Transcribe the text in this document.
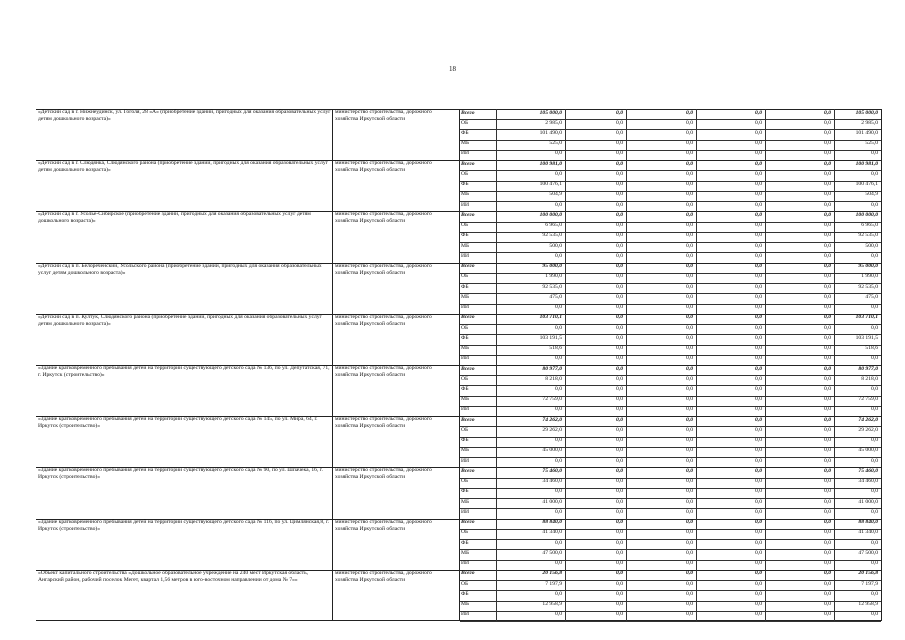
18
«Детский сад в г. Нижнеудинск, ул. Гоголя, 28 «А» (приобретение зданий, пригодных для оказания образовательных услуг детям дошкольного возраста)»
министерство строительства, дорожного хозяйства Иркутской области
Всего	105 000,0	0,0	0,0	0,0	0,0	105 000,0
ОБ	2 985,0	0,0	0,0	0,0	0,0	2 985,0
ФБ	101 490,0	0,0	0,0	0,0	0,0	101 490,0
МБ	525,0	0,0	0,0	0,0	0,0	525,0
ИИ	0,0	0,0	0,0	0,0	0,0	0,0
«Детский сад в г. Слюдянка, Слюдянского района (приобретение зданий, пригодных для оказания образовательных услуг детям дошкольного возраста)»
министерство строительства, дорожного хозяйства Иркутской области
Всего	100 981,0	0,0	0,0	0,0	0,0	100 981,0
ОБ	0,0	0,0	0,0	0,0	0,0	0,0
ФБ	100 476,1	0,0	0,0	0,0	0,0	100 476,1
МБ	504,9	0,0	0,0	0,0	0,0	504,9
ИИ	0,0	0,0	0,0	0,0	0,0	0,0
«Детский сад в г. Усолье-Сибирское (приобретение зданий, пригодных для оказания образовательных услуг детям дошкольного возраста)»
министерство строительства, дорожного хозяйства Иркутской области
Всего	100 000,0	0,0	0,0	0,0	0,0	100 000,0
ОБ	6 965,0	0,0	0,0	0,0	0,0	6 965,0
ФБ	92 535,0	0,0	0,0	0,0	0,0	92 535,0
МБ	500,0	0,0	0,0	0,0	0,0	500,0
ИИ	0,0	0,0	0,0	0,0	0,0	0,0
«Детский сад в п. Белореченский, Усольского района (приобретение зданий, пригодных для оказания образовательных услуг детям дошкольного возраста)»
министерство строительства, дорожного хозяйства Иркутской области
Всего	95 000,0	0,0	0,0	0,0	0,0	95 000,0
ОБ	1 990,0	0,0	0,0	0,0	0,0	1 990,0
ФБ	92 535,0	0,0	0,0	0,0	0,0	92 535,0
МБ	475,0	0,0	0,0	0,0	0,0	475,0
ИИ	0,0	0,0	0,0	0,0	0,0	0,0
«Детский сад в п. Култук, Слюдянского района (приобретение зданий, пригодных для оказания образовательных услуг детям дошкольного возраста)»
министерство строительства, дорожного хозяйства Иркутской области
Всего	103 710,1	0,0	0,0	0,0	0,0	103 710,1
ОБ	0,0	0,0	0,0	0,0	0,0	0,0
ФБ	103 191,5	0,0	0,0	0,0	0,0	103 191,5
МБ	518,6	0,0	0,0	0,0	0,0	518,6
ИИ	0,0	0,0	0,0	0,0	0,0	0,0
«Здание кратковременного пребывания детей на территории существующего детского сада № 136, по ул. Депутатская, 71, г. Иркутск (строительство)»
министерство строительства, дорожного хозяйства Иркутской области
Всего	80 977,0	0,0	0,0	0,0	0,0	80 977,0
ОБ	8 218,0	0,0	0,0	0,0	0,0	8 218,0
ФБ	0,0	0,0	0,0	0,0	0,0	0,0
МБ	72 759,0	0,0	0,0	0,0	0,0	72 759,0
ИИ	0,0	0,0	0,0	0,0	0,0	0,0
«Здание кратковременного пребывания детей на территории существующего детского сада № 145, по ул. Мира, 64, г. Иркутск (строительство)»
министерство строительства, дорожного хозяйства Иркутской области
Всего	74 262,0	0,0	0,0	0,0	0,0	74 262,0
ОБ	29 262,0	0,0	0,0	0,0	0,0	29 262,0
ФБ	0,0	0,0	0,0	0,0	0,0	0,0
МБ	45 000,0	0,0	0,0	0,0	0,0	45 000,0
ИИ	0,0	0,0	0,0	0,0	0,0	0,0
«Здание кратковременного пребывания детей на территории существующего детского сада № 90, по ул. Шпачека, 16, г. Иркутск (строительство)»
министерство строительства, дорожного хозяйства Иркутской области
Всего	75 460,0	0,0	0,0	0,0	0,0	75 460,0
ОБ	34 460,0	0,0	0,0	0,0	0,0	34 460,0
ФБ	0,0	0,0	0,0	0,0	0,0	0,0
МБ	41 000,0	0,0	0,0	0,0	0,0	41 000,0
ИИ	0,0	0,0	0,0	0,0	0,0	0,0
«Здание кратковременного пребывания детей на территории существующего детского сада № 116, по ул. Цимлянская,8, г. Иркутск (строительство)»
министерство строительства, дорожного хозяйства Иркутской области
Всего	88 840,0	0,0	0,0	0,0	0,0	88 840,0
ОБ	41 340,0	0,0	0,0	0,0	0,0	41 340,0
ФБ	0,0	0,0	0,0	0,0	0,0	0,0
МБ	47 500,0	0,0	0,0	0,0	0,0	47 500,0
ИИ	0,0	0,0	0,0	0,0	0,0	0,0
«Объект капитального строительства «Дошкольное образовательное учреждение на 240 мест Иркутская область, Ангарский район, рабочий поселок Мегет, квартал 1,56 метров в юго-восточном направлении от дома № 7»»
министерство строительства, дорожного хозяйства Иркутской области
Всего	20 156,8	0,0	0,0	0,0	0,0	20 156,8
ОБ	7 197,9	0,0	0,0	0,0	0,0	7 197,9
ФБ	0,0	0,0	0,0	0,0	0,0	0,0
МБ	12 958,9	0,0	0,0	0,0	0,0	12 958,9
ИИ	0,0	0,0	0,0	0,0	0,0	0,0
